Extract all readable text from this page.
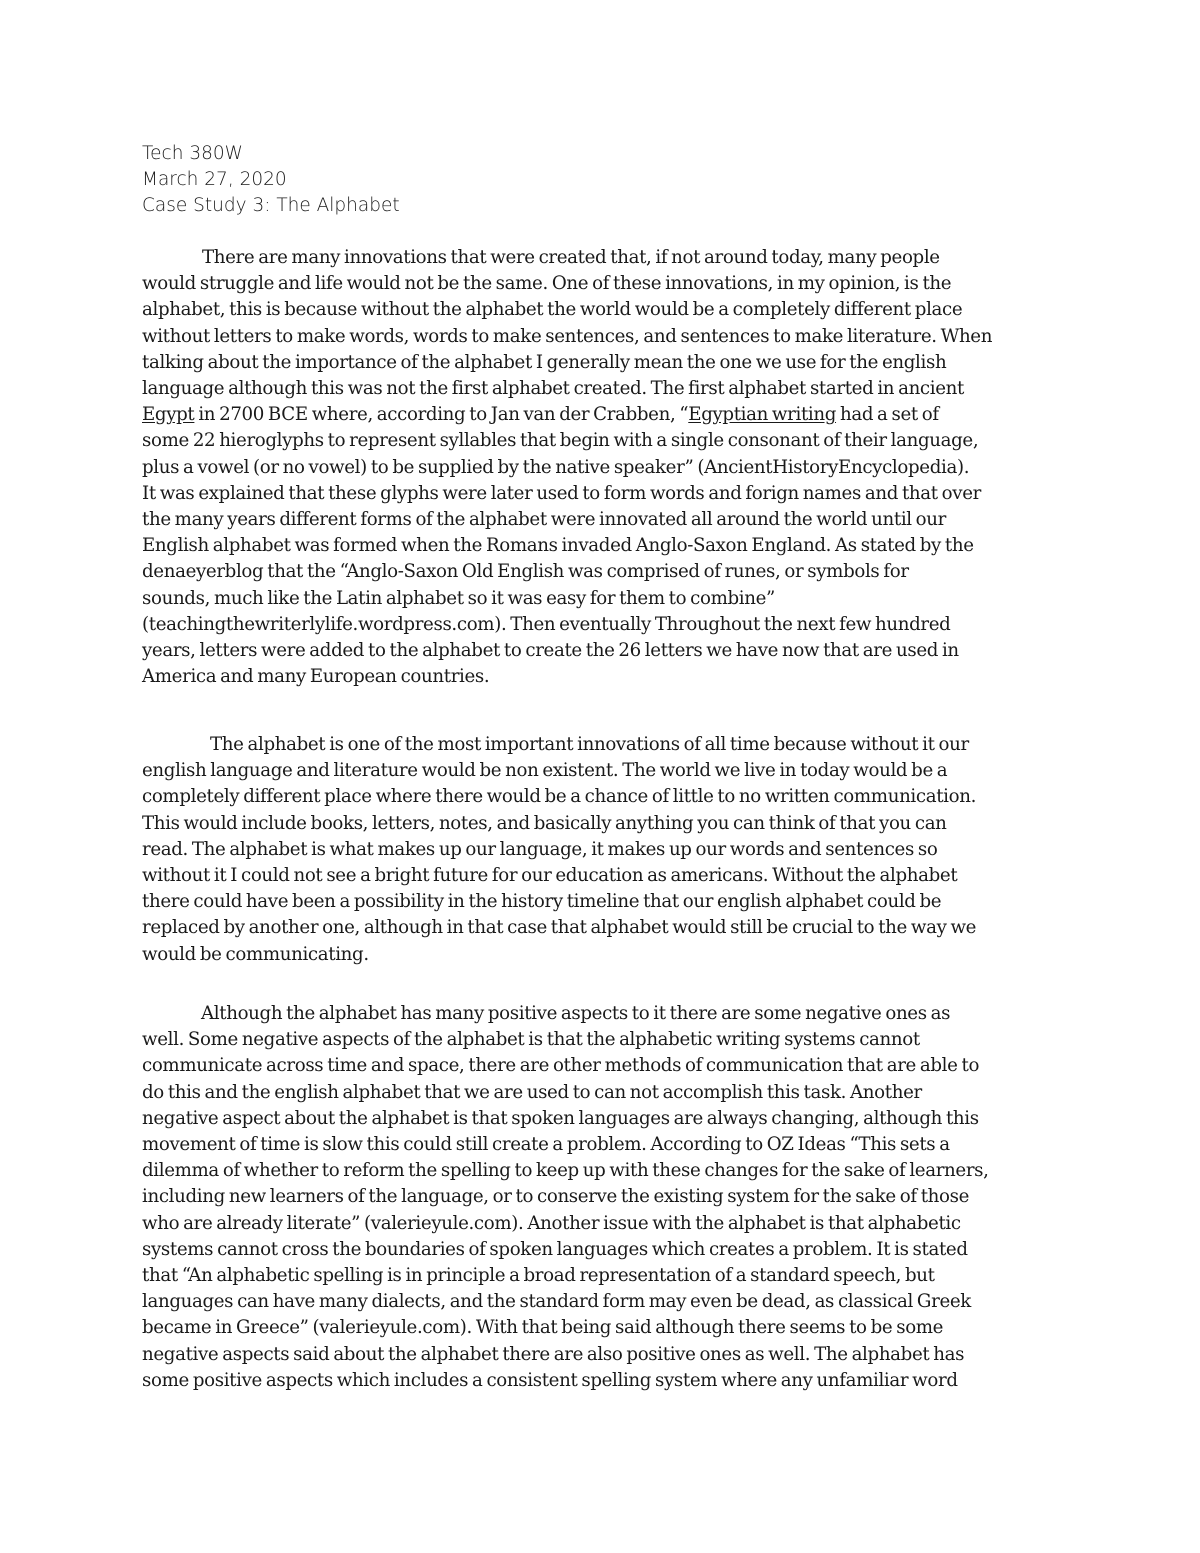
Tech 380W
March 27, 2020
Case Study 3: The Alphabet
There are many innovations that were created that, if not around today, many people
would struggle and life would not be the same. One of these innovations, in my opinion, is the
alphabet, this is because without the alphabet the world would be a completely different place
without letters to make words, words to make sentences, and sentences to make literature. When
talking about the importance of the alphabet I generally mean the one we use for the english
language although this was not the first alphabet created. The first alphabet started in ancient
Egypt in 2700 BCE where, according to Jan van der Crabben, “Egyptian writing had a set of
some 22 hieroglyphs to represent syllables that begin with a single consonant of their language,
plus a vowel (or no vowel) to be supplied by the native speaker” (AncientHistoryEncyclopedia).
It was explained that these glyphs were later used to form words and forign names and that over
the many years different forms of the alphabet were innovated all around the world until our
English alphabet was formed when the Romans invaded Anglo-Saxon England. As stated by the
denaeyerblog that the “Anglo-Saxon Old English was comprised of runes, or symbols for
sounds, much like the Latin alphabet so it was easy for them to combine”
(teachingthewriterlylife.wordpress.com). Then eventually Throughout the next few hundred
years, letters were added to the alphabet to create the 26 letters we have now that are used in
America and many European countries.
The alphabet is one of the most important innovations of all time because without it our
english language and literature would be non existent. The world we live in today would be a
completely different place where there would be a chance of little to no written communication.
This would include books, letters, notes, and basically anything you can think of that you can
read. The alphabet is what makes up our language, it makes up our words and sentences so
without it I could not see a bright future for our education as americans. Without the alphabet
there could have been a possibility in the history timeline that our english alphabet could be
replaced by another one, although in that case that alphabet would still be crucial to the way we
would be communicating.
Although the alphabet has many positive aspects to it there are some negative ones as
well. Some negative aspects of the alphabet is that the alphabetic writing systems cannot
communicate across time and space, there are other methods of communication that are able to
do this and the english alphabet that we are used to can not accomplish this task. Another
negative aspect about the alphabet is that spoken languages are always changing, although this
movement of time is slow this could still create a problem. According to OZ Ideas “This sets a
dilemma of whether to reform the spelling to keep up with these changes for the sake of learners,
including new learners of the language, or to conserve the existing system for the sake of those
who are already literate” (valerieyule.com). Another issue with the alphabet is that alphabetic
systems cannot cross the boundaries of spoken languages which creates a problem. It is stated
that “An alphabetic spelling is in principle a broad representation of a standard speech, but
languages can have many dialects, and the standard form may even be dead, as classical Greek
became in Greece” (valerieyule.com). With that being said although there seems to be some
negative aspects said about the alphabet there are also positive ones as well. The alphabet has
some positive aspects which includes a consistent spelling system where any unfamiliar word
